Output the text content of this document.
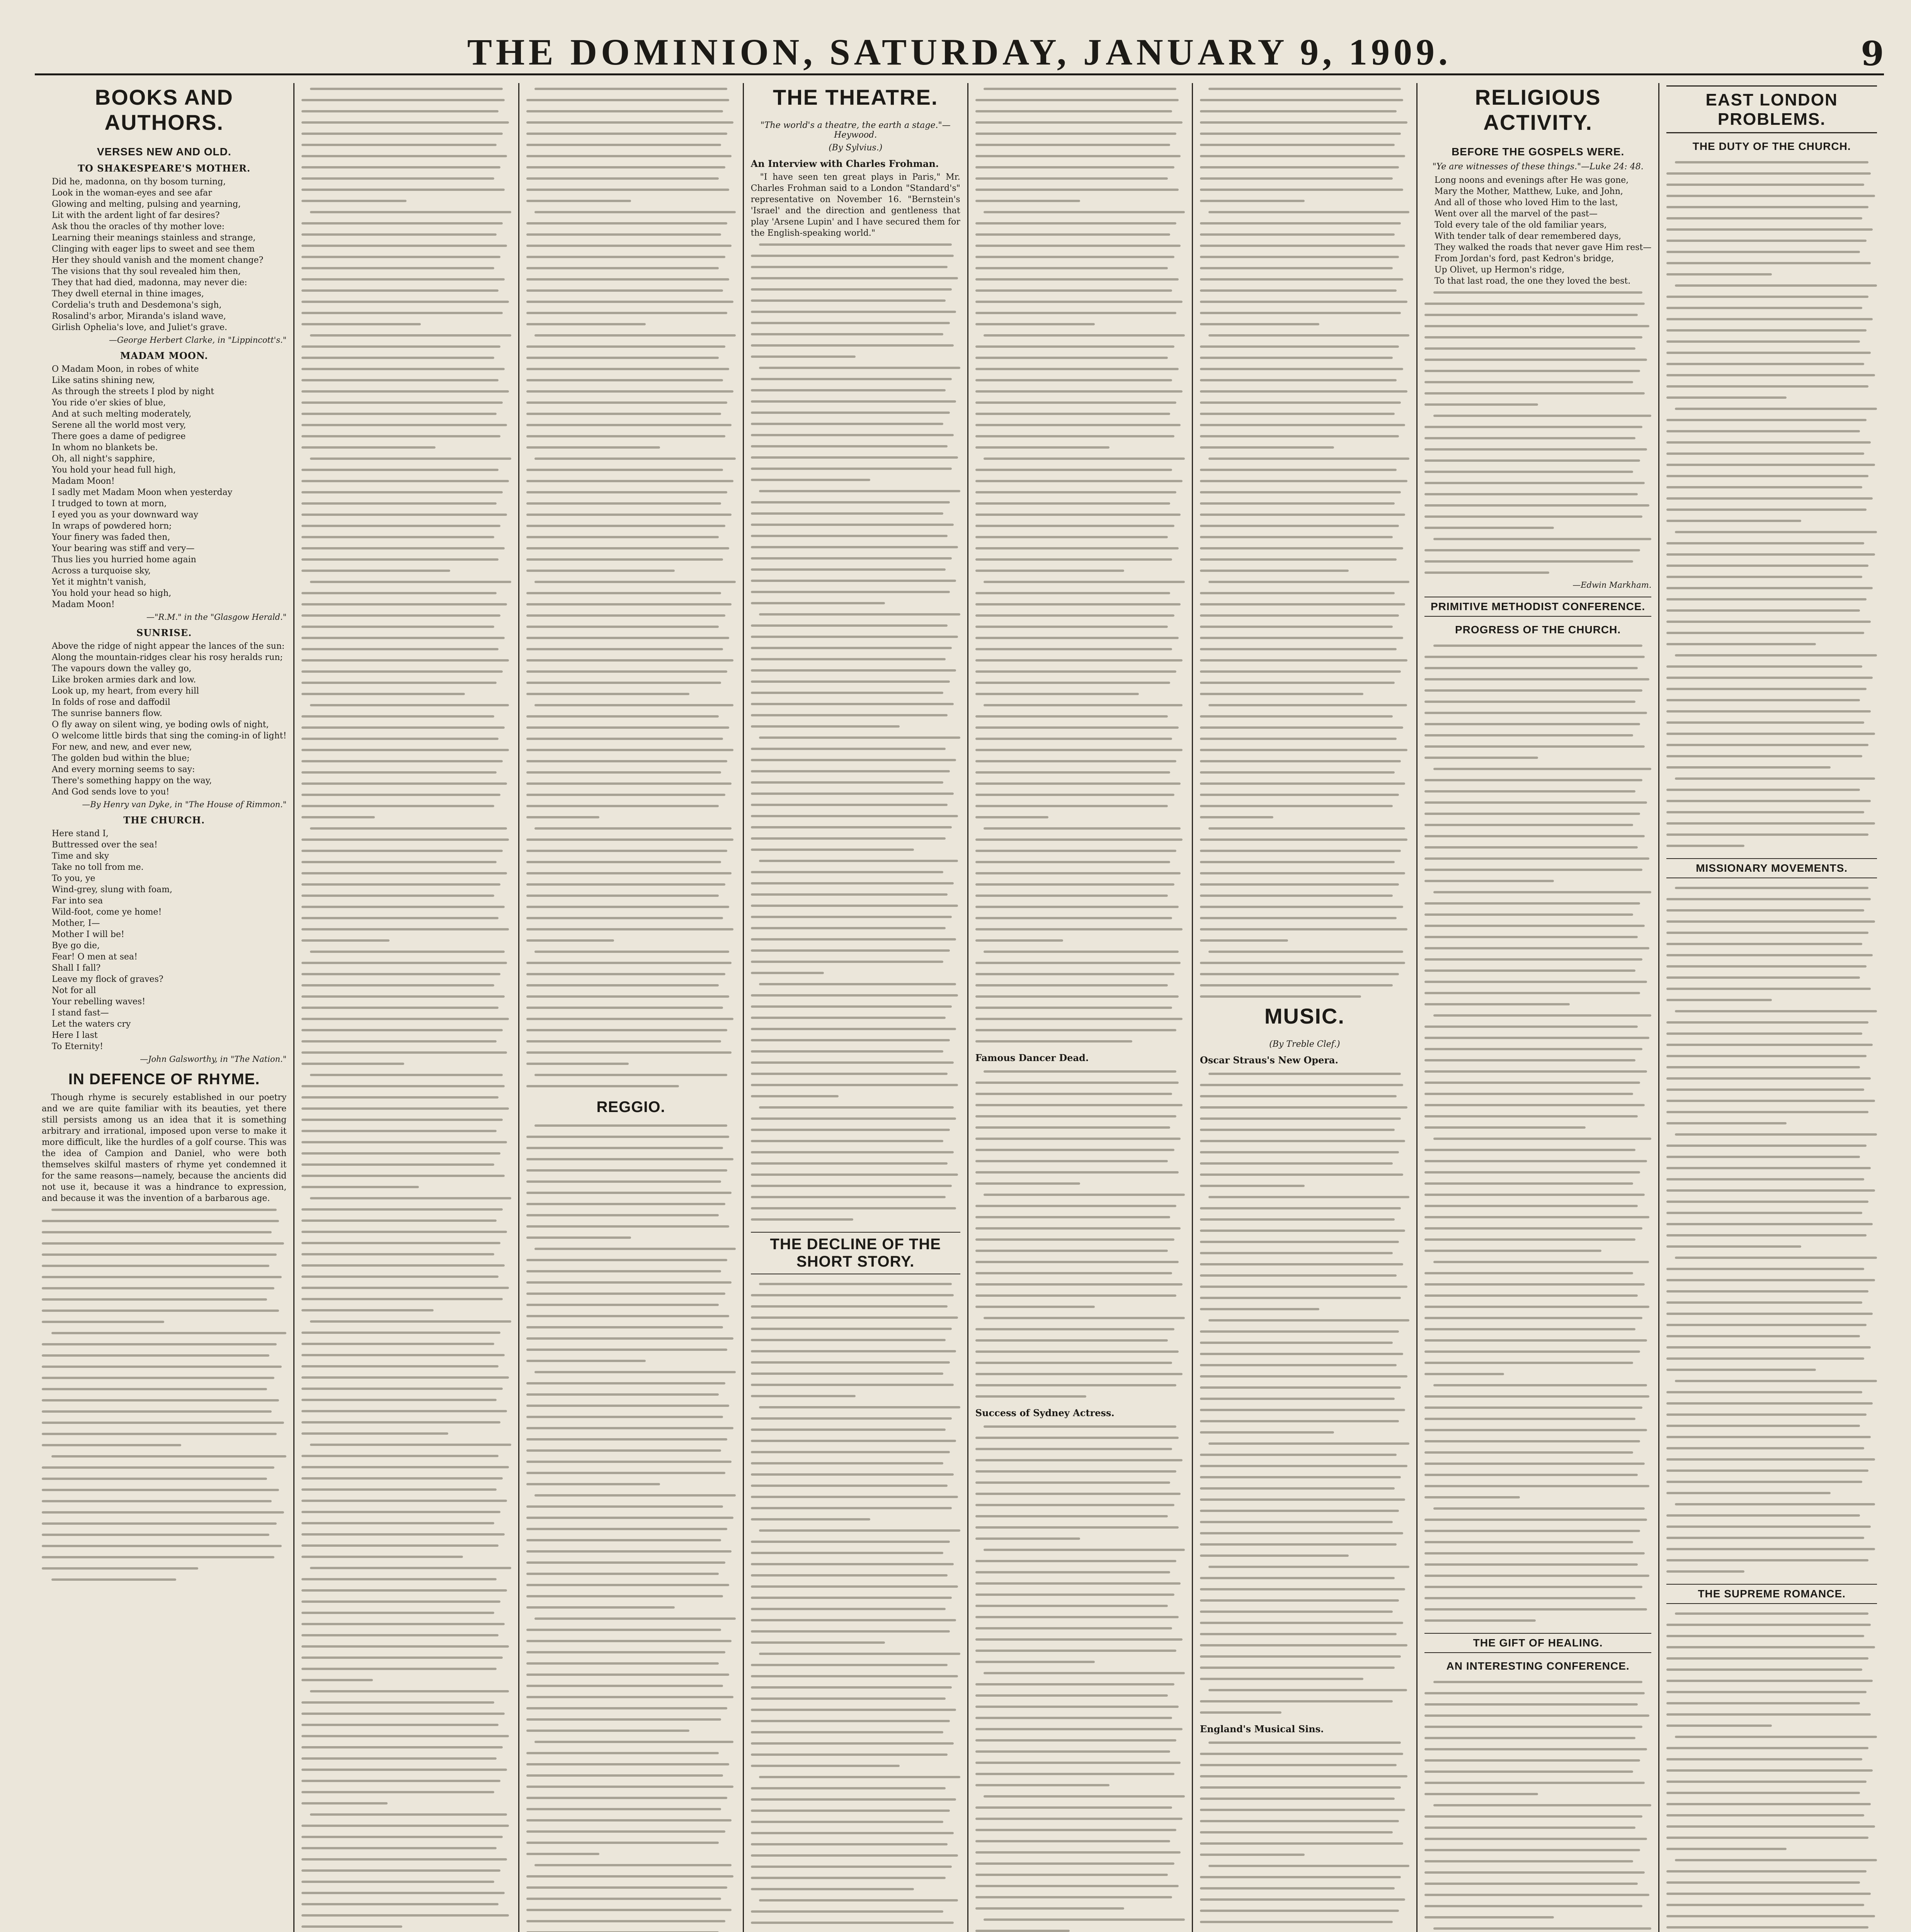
THE DOMINION, SATURDAY, JANUARY 9, 1909.	9
BOOKS AND AUTHORS.
VERSES NEW AND OLD.
TO SHAKESPEARE'S MOTHER.
Did he, madonna, on thy bosom turning,
Look in the woman-eyes and see afar
Glowing and melting, pulsing and yearning,
Lit with the ardent light of far desires?
Ask thou the oracles of thy mother love:
Learning their meanings stainless and strange,
Clinging with eager lips to sweet and see them
Her they should vanish and the moment change?
The visions that thy soul revealed him then,
They that had died, madonna, may never die:
They dwell eternal in thine images,
Cordelia's truth and Desdemona's sigh,
Rosalind's arbor, Miranda's island wave,
Girlish Ophelia's love, and Juliet's grave.
—George Herbert Clarke, in "Lippincott's."
MADAM MOON.
O Madam Moon, in robes of white
Like satins shining new,
As through the streets I plod by night
You ride o'er skies of blue,
And at such melting moderately,
Serene all the world most very,
There goes a dame of pedigree
In whom no blankets be.
Oh, all night's sapphire,
You hold your head full high,
Madam Moon!
I sadly met Madam Moon when yesterday
I trudged to town at morn,
I eyed you as your downward way
In wraps of powdered horn;
Your finery was faded then,
Your bearing was stiff and very—
Thus lies you hurried home again
Across a turquoise sky,
Yet it mightn't vanish,
You hold your head so high,
Madam Moon!
—"R.M." in the "Glasgow Herald."
SUNRISE.
Above the ridge of night appear the lances of the sun:
Along the mountain-ridges clear his rosy heralds run;
The vapours down the valley go,
Like broken armies dark and low.
Look up, my heart, from every hill
In folds of rose and daffodil
The sunrise banners flow.
O fly away on silent wing, ye boding owls of night,
O welcome little birds that sing the coming-in of light!
For new, and new, and ever new,
The golden bud within the blue;
And every morning seems to say:
There's something happy on the way,
And God sends love to you!
—By Henry van Dyke, in "The House of Rimmon."
THE CHURCH.
Here stand I,
Buttressed over the sea!
Time and sky
Take no toll from me.
To you, ye
Wind-grey, slung with foam,
Far into sea
Wild-foot, come ye home!
Mother, I—
Mother I will be!
Bye go die,
Fear! O men at sea!
Shall I fall?
Leave my flock of graves?
Not for all
Your rebelling waves!
I stand fast—
Let the waters cry
Here I last
To Eternity!
—John Galsworthy, in "The Nation."
IN DEFENCE OF RHYME.

Though rhyme is securely established in our poetry and we are quite familiar with its beauties, yet there still persists among us an idea that it is something arbitrary and irrational, imposed upon verse to make it more difficult, like the hurdles of a golf course. This was the idea of Campion and Daniel, who were both themselves skilful masters of rhyme yet condemned it for the same reasons—namely, because the ancients did not use it, because it was a hindrance to expression, and because it was the invention of a barbarous age.

REGGIO.
THE THEATRE.
"The world's a theatre, the earth a stage."—Heywood.
(By Sylvius.)
An Interview with Charles Frohman.

"I have seen ten great plays in Paris," Mr. Charles Frohman said to a London "Standard's" representative on November 16. "Bernstein's 'Israel' and the direction and gentleness that play 'Arsene Lupin' and I have secured them for the English-speaking world."

THE DECLINE OF THE SHORT STORY.
Famous Dancer Dead.
Success of Sydney Actress.
MUSIC.
(By Treble Clef.)
Oscar Straus's New Opera.
England's Musical Sins.
RELIGIOUS ACTIVITY.
BEFORE THE GOSPELS WERE.
"Ye are witnesses of these things."—Luke 24: 48.
Long noons and evenings after He was gone,
Mary the Mother, Matthew, Luke, and John,
And all of those who loved Him to the last,
Went over all the marvel of the past—
Told every tale of the old familiar years,
With tender talk of dear remembered days,
They walked the roads that never gave Him rest—
From Jordan's ford, past Kedron's bridge,
Up Olivet, up Hermon's ridge,
To that last road, the one they loved the best.
—Edwin Markham.
PRIMITIVE METHODIST CONFERENCE.
PROGRESS OF THE CHURCH.
THE GIFT OF HEALING.
AN INTERESTING CONFERENCE.
EAST LONDON PROBLEMS.
THE DUTY OF THE CHURCH.
MISSIONARY MOVEMENTS.
THE SUPREME ROMANCE.
